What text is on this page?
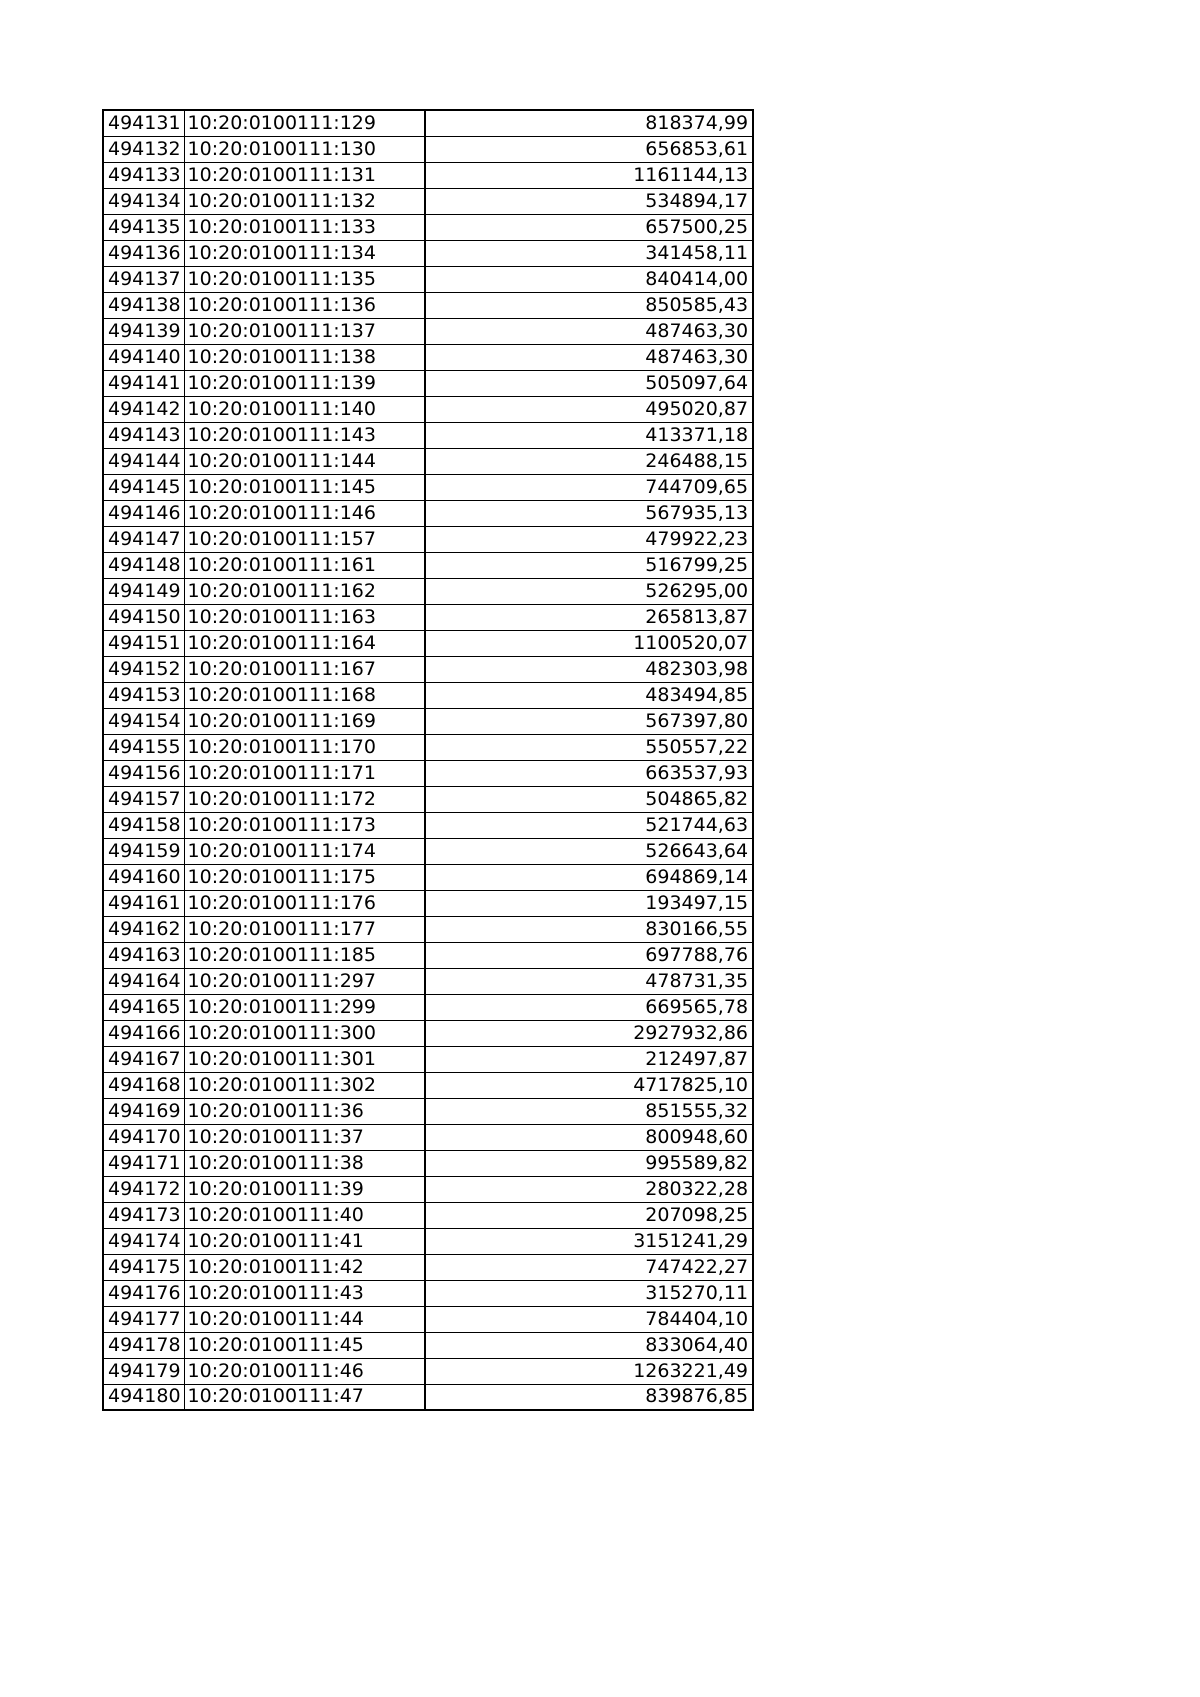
494131	10:20:0100111:129	818374,99
494132	10:20:0100111:130	656853,61
494133	10:20:0100111:131	1161144,13
494134	10:20:0100111:132	534894,17
494135	10:20:0100111:133	657500,25
494136	10:20:0100111:134	341458,11
494137	10:20:0100111:135	840414,00
494138	10:20:0100111:136	850585,43
494139	10:20:0100111:137	487463,30
494140	10:20:0100111:138	487463,30
494141	10:20:0100111:139	505097,64
494142	10:20:0100111:140	495020,87
494143	10:20:0100111:143	413371,18
494144	10:20:0100111:144	246488,15
494145	10:20:0100111:145	744709,65
494146	10:20:0100111:146	567935,13
494147	10:20:0100111:157	479922,23
494148	10:20:0100111:161	516799,25
494149	10:20:0100111:162	526295,00
494150	10:20:0100111:163	265813,87
494151	10:20:0100111:164	1100520,07
494152	10:20:0100111:167	482303,98
494153	10:20:0100111:168	483494,85
494154	10:20:0100111:169	567397,80
494155	10:20:0100111:170	550557,22
494156	10:20:0100111:171	663537,93
494157	10:20:0100111:172	504865,82
494158	10:20:0100111:173	521744,63
494159	10:20:0100111:174	526643,64
494160	10:20:0100111:175	694869,14
494161	10:20:0100111:176	193497,15
494162	10:20:0100111:177	830166,55
494163	10:20:0100111:185	697788,76
494164	10:20:0100111:297	478731,35
494165	10:20:0100111:299	669565,78
494166	10:20:0100111:300	2927932,86
494167	10:20:0100111:301	212497,87
494168	10:20:0100111:302	4717825,10
494169	10:20:0100111:36	851555,32
494170	10:20:0100111:37	800948,60
494171	10:20:0100111:38	995589,82
494172	10:20:0100111:39	280322,28
494173	10:20:0100111:40	207098,25
494174	10:20:0100111:41	3151241,29
494175	10:20:0100111:42	747422,27
494176	10:20:0100111:43	315270,11
494177	10:20:0100111:44	784404,10
494178	10:20:0100111:45	833064,40
494179	10:20:0100111:46	1263221,49
494180	10:20:0100111:47	839876,85
